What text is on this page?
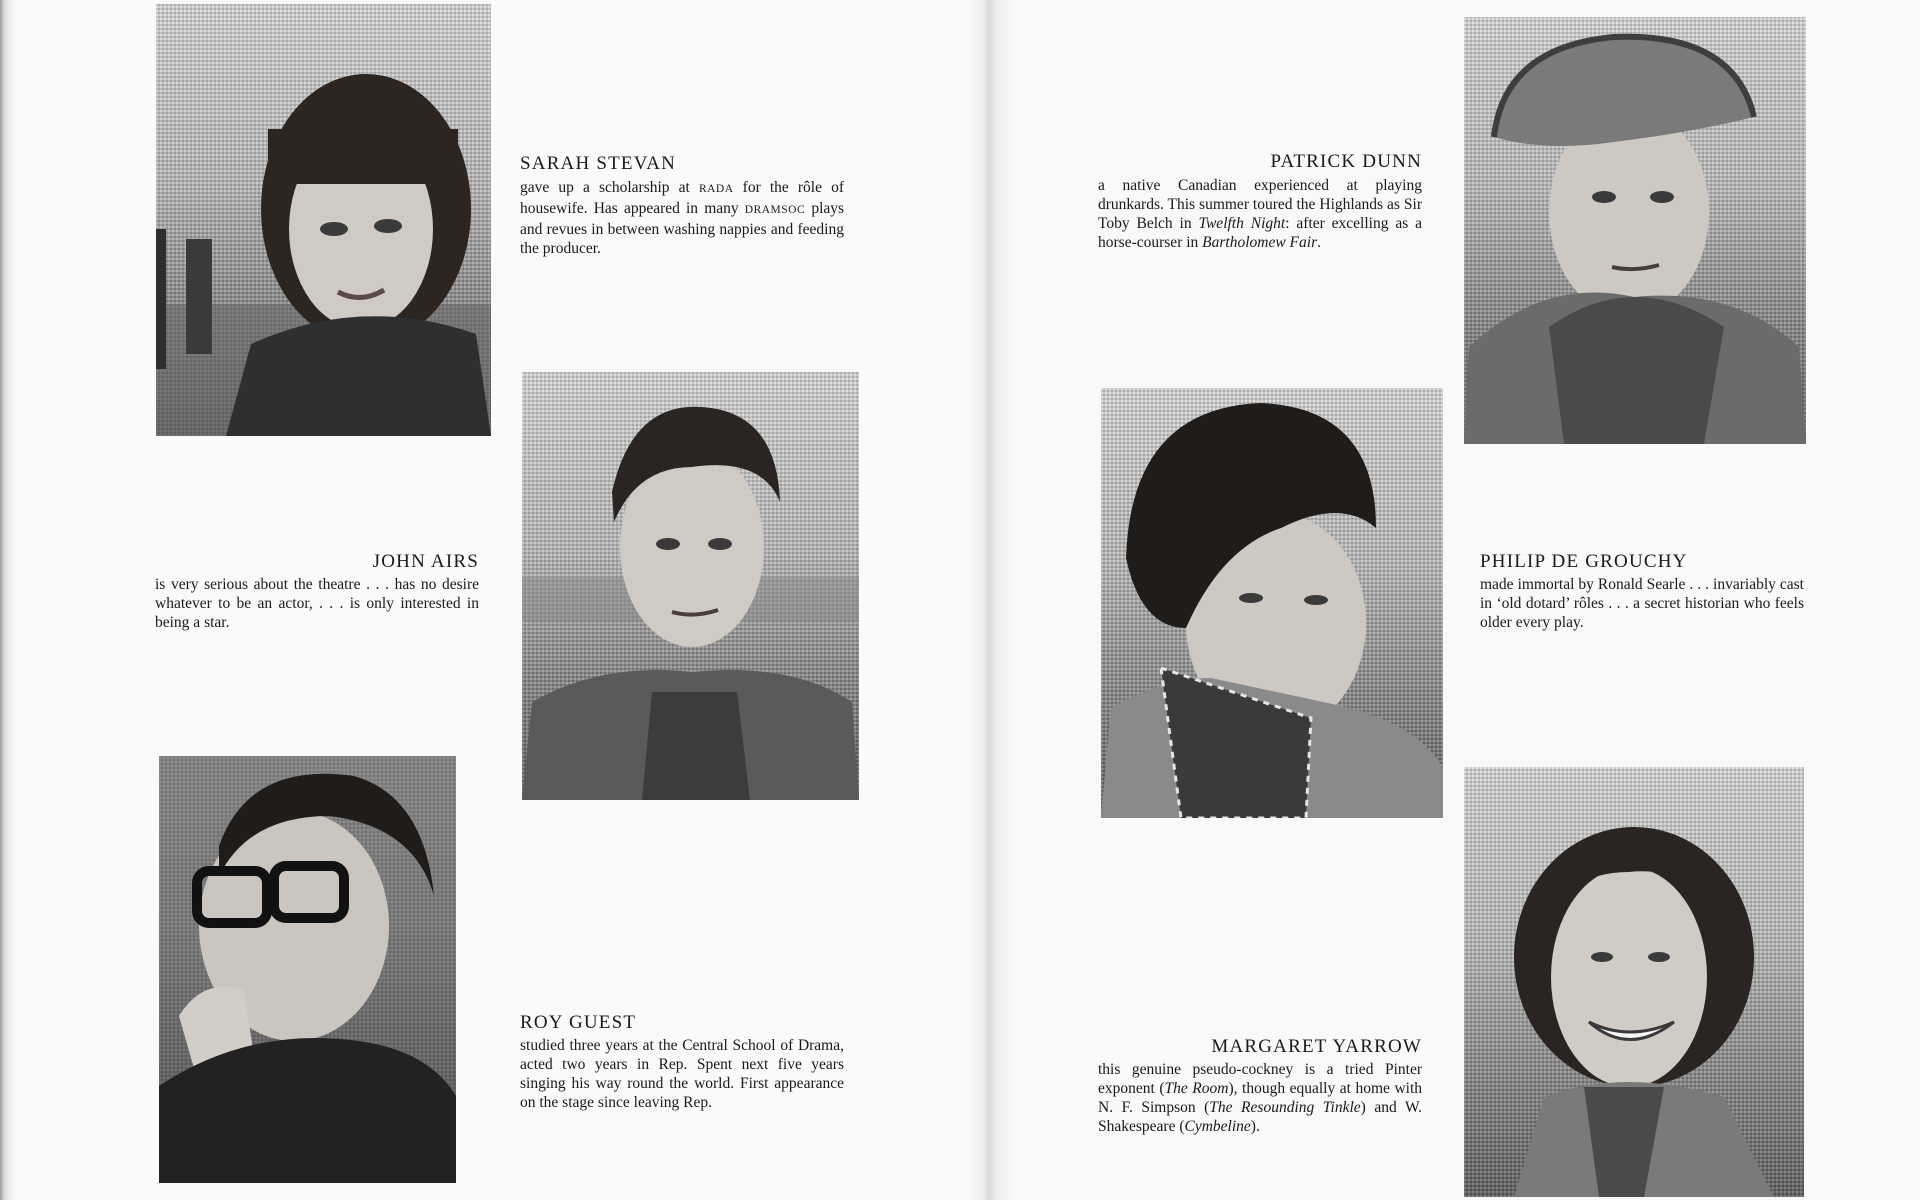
SARAH STEVAN

gave up a scholarship at RADA for the rôle of housewife. Has appeared in many DRAMSOC plays and revues in between washing nappies and feeding the producer.

JOHN AIRS

is very serious about the theatre . . . has no desire whatever to be an actor, . . . is only interested in being a star.

ROY GUEST

studied three years at the Central School of Drama, acted two years in Rep. Spent next five years singing his way round the world. First appearance on the stage since leaving Rep.

PATRICK DUNN

a native Canadian experienced at playing drunkards. This summer toured the Highlands as Sir Toby Belch in Twelfth Night: after excelling as a horse-courser in Bartholomew Fair.

PHILIP DE GROUCHY

made immortal by Ronald Searle . . . invariably cast in ‘old dotard’ rôles . . . a secret historian who feels older every play.

MARGARET YARROW

this genuine pseudo-cockney is a tried Pinter exponent (The Room), though equally at home with N. F. Simpson (The Resounding Tinkle) and W. Shakespeare (Cymbeline).
